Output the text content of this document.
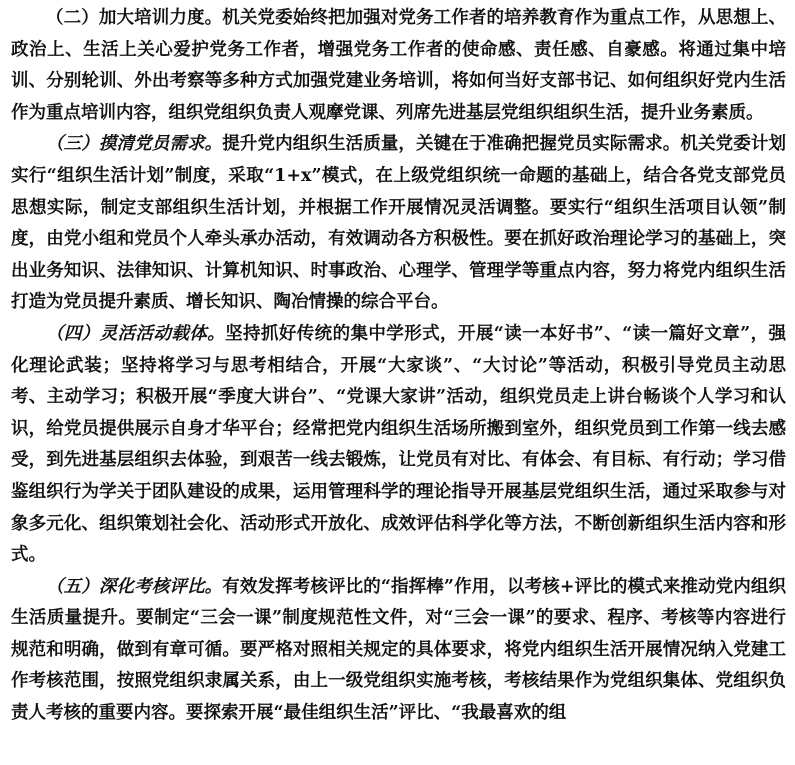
（二）加大培训力度。机关党委始终把加强对党务工作者的培养教育作为重点工作，从思想上、政治上、生活上关心爱护党务工作者，增强党务工作者的使命感、责任感、自豪感。将通过集中培训、分别轮训、外出考察等多种方式加强党建业务培训，将如何当好支部书记、如何组织好党内生活作为重点培训内容，组织党组织负责人观摩党课、列席先进基层党组织组织生活，提升业务素质。

（三）摸清党员需求。提升党内组织生活质量，关键在于准确把握党员实际需求。机关党委计划实行“组织生活计划”制度，采取“1+x”模式，在上级党组织统一命题的基础上，结合各党支部党员思想实际，制定支部组织生活计划，并根据工作开展情况灵活调整。要实行“组织生活项目认领”制度，由党小组和党员个人牵头承办活动，有效调动各方积极性。要在抓好政治理论学习的基础上，突出业务知识、法律知识、计算机知识、时事政治、心理学、管理学等重点内容，努力将党内组织生活打造为党员提升素质、增长知识、陶冶情操的综合平台。

（四）灵活活动载体。坚持抓好传统的集中学形式，开展“读一本好书”、“读一篇好文章”，强化理论武装；坚持将学习与思考相结合，开展“大家谈”、“大讨论”等活动，积极引导党员主动思考、主动学习；积极开展“季度大讲台”、“党课大家讲”活动，组织党员走上讲台畅谈个人学习和认识，给党员提供展示自身才华平台；经常把党内组织生活场所搬到室外，组织党员到工作第一线去感受，到先进基层组织去体验，到艰苦一线去锻炼，让党员有对比、有体会、有目标、有行动；学习借鉴组织行为学关于团队建设的成果，运用管理科学的理论指导开展基层党组织生活，通过采取参与对象多元化、组织策划社会化、活动形式开放化、成效评估科学化等方法，不断创新组织生活内容和形式。

（五）深化考核评比。有效发挥考核评比的“指挥棒”作用，以考核+评比的模式来推动党内组织生活质量提升。要制定“三会一课”制度规范性文件，对“三会一课”的要求、程序、考核等内容进行规范和明确，做到有章可循。要严格对照相关规定的具体要求，将党内组织生活开展情况纳入党建工作考核范围，按照党组织隶属关系，由上一级党组织实施考核，考核结果作为党组织集体、党组织负责人考核的重要内容。要探索开展“最佳组织生活”评比、“我最喜欢的组
